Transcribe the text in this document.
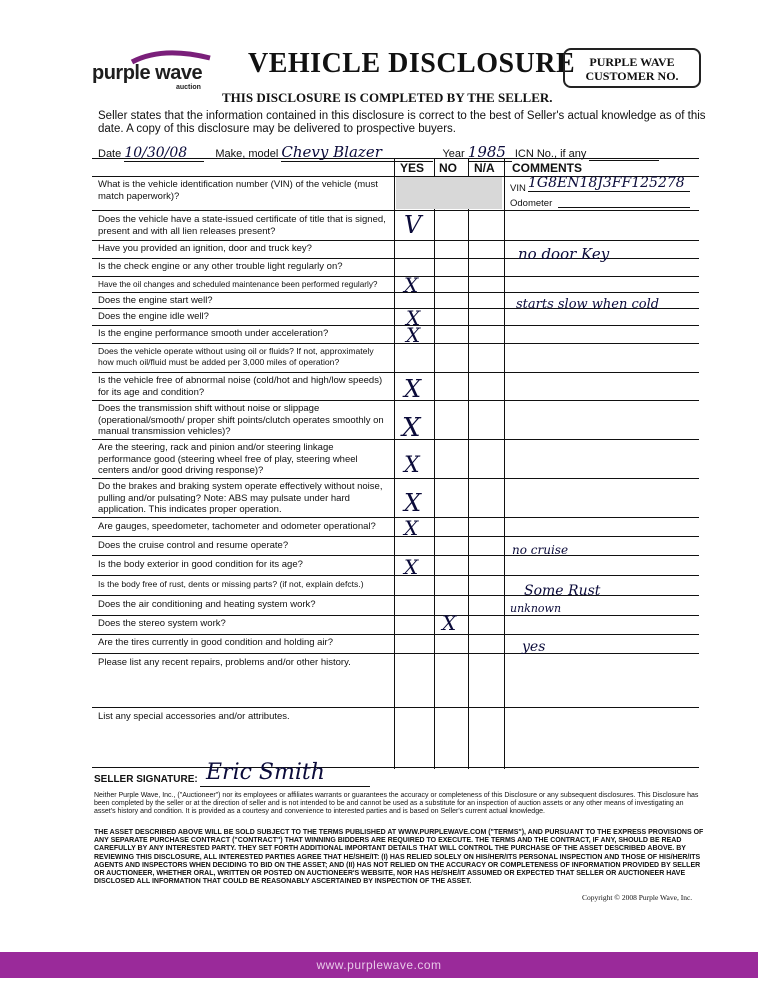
purple wave
auction
VEHICLE DISCLOSURE
THIS DISCLOSURE IS COMPLETED BY THE SELLER.
PURPLE WAVE
CUSTOMER NO.
Seller states that the information contained in this disclosure is correct to the best of Seller's actual knowledge as of this date. A copy of this disclosure may be delivered to prospective buyers.
Date 10/30/08	Make, model Chevy Blazer	Year 1985 ICN No., if any
YES NO N/A COMMENTS
What is the vehicle identification number (VIN) of the vehicle (must match paperwork)?
Does the vehicle have a state-issued certificate of title that is signed, present and with all lien releases present?
Have you provided an ignition, door and truck key?
Is the check engine or any other trouble light regularly on?
Have the oil changes and scheduled maintenance been performed regularly?
Does the engine start well?
Does the engine idle well?
Is the engine performance smooth under acceleration?
Does the vehicle operate without using oil or fluids? If not, approximately how much oil/fluid must be added per 3,000 miles of operation?
Is the vehicle free of abnormal noise (cold/hot and high/low speeds) for its age and condition?
Does the transmission shift without noise or slippage (operational/smooth/ proper shift points/clutch operates smoothly on manual transmission vehicles)?
Are the steering, rack and pinion and/or steering linkage performance good (steering wheel free of play, steering wheel centers and/or good driving response)?
Do the brakes and braking system operate effectively without noise, pulling and/or pulsating? Note: ABS may pulsate under hard application. This indicates proper operation.
Are gauges, speedometer, tachometer and odometer operational?
Does the cruise control and resume operate?
Is the body exterior in good condition for its age?
Is the body free of rust, dents or missing parts? (if not, explain defcts.)
Does the air conditioning and heating system work?
Does the stereo system work?
Are the tires currently in good condition and holding air?
Please list any recent repairs, problems and/or other history.
List any special accessories and/or attributes.
VIN 1G8EN18J3FF125278
Odometer
V
X
X
X
X
X
X
X
X
X
X
no door Key
starts slow when cold
no cruise
Some Rust
unknown
yes
SELLER SIGNATURE: Eric Smith
Neither Purple Wave, Inc., ("Auctioneer") nor its employees or affiliates warrants or guarantees the accuracy or completeness of this Disclosure or any subsequent disclosures. This Disclosure has been completed by the seller or at the direction of seller and is not intended to be and cannot be used as a substitute for an inspection of auction assets or any other means of investigating an asset's history and condition. It is provided as a courtesy and convenience to interested parties and is based on Seller's current actual knowledge.
THE ASSET DESCRIBED ABOVE WILL BE SOLD SUBJECT TO THE TERMS PUBLISHED AT WWW.PURPLEWAVE.COM ("TERMS"), AND PURSUANT TO THE EXPRESS PROVISIONS OF ANY SEPARATE PURCHASE CONTRACT ("CONTRACT") THAT WINNING BIDDERS ARE REQUIRED TO EXECUTE. THE TERMS AND THE CONTRACT, IF ANY, SHOULD BE READ CAREFULLY BY ANY INTERESTED PARTY. THEY SET FORTH ADDITIONAL IMPORTANT DETAILS THAT WILL CONTROL THE PURCHASE OF THE ASSET DESCRIBED ABOVE. BY REVIEWING THIS DISCLOSURE, ALL INTERESTED PARTIES AGREE THAT HE/SHE/IT: (I) HAS RELIED SOLELY ON HIS/HER/ITS PERSONAL INSPECTION AND THOSE OF HIS/HER/ITS AGENTS AND INSPECTORS WHEN DECIDING TO BID ON THE ASSET; AND (II) HAS NOT RELIED ON THE ACCURACY OR COMPLETENESS OF INFORMATION PROVIDED BY SELLER OR AUCTIONEER, WHETHER ORAL, WRITTEN OR POSTED ON AUCTIONEER'S WEBSITE, NOR HAS HE/SHE/IT ASSUMED OR EXPECTED THAT SELLER OR AUCTIONEER HAVE DISCLOSED ALL INFORMATION THAT COULD BE REASONABLY ASCERTAINED BY INSPECTION OF THE ASSET.
Copyright © 2008 Purple Wave, Inc.
www.purplewave.com
